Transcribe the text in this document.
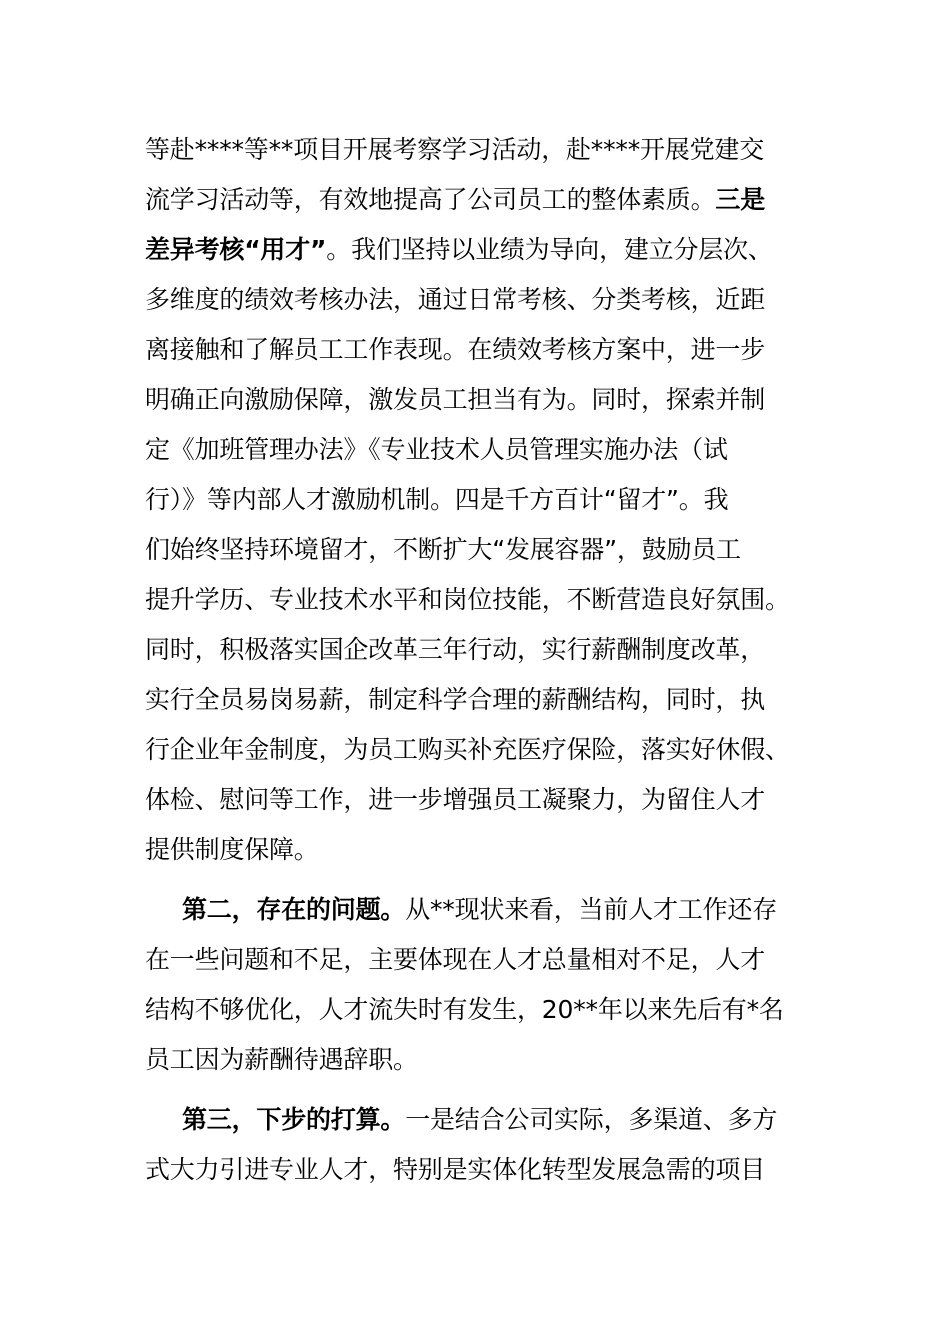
等赴****等**项目开展考察学习活动，赴****开展党建交
流学习活动等，有效地提高了公司员工的整体素质。三是
差异考核“用才”。我们坚持以业绩为导向，建立分层次、
多维度的绩效考核办法，通过日常考核、分类考核，近距
离接触和了解员工工作表现。在绩效考核方案中，进一步
明确正向激励保障，激发员工担当有为。同时，探索并制
定《加班管理办法》《专业技术人员管理实施办法（试
行）》等内部人才激励机制。四是千方百计“留才”。我
们始终坚持环境留才，不断扩大“发展容器”，鼓励员工
提升学历、专业技术水平和岗位技能，不断营造良好氛围。
同时，积极落实国企改革三年行动，实行薪酬制度改革，
实行全员易岗易薪，制定科学合理的薪酬结构，同时，执
行企业年金制度，为员工购买补充医疗保险，落实好休假、
体检、慰问等工作，进一步增强员工凝聚力，为留住人才
提供制度保障。
第二，存在的问题。从**现状来看，当前人才工作还存
在一些问题和不足，主要体现在人才总量相对不足，人才
结构不够优化，人才流失时有发生，20**年以来先后有*名
员工因为薪酬待遇辞职。
第三，下步的打算。一是结合公司实际，多渠道、多方
式大力引进专业人才，特别是实体化转型发展急需的项目
